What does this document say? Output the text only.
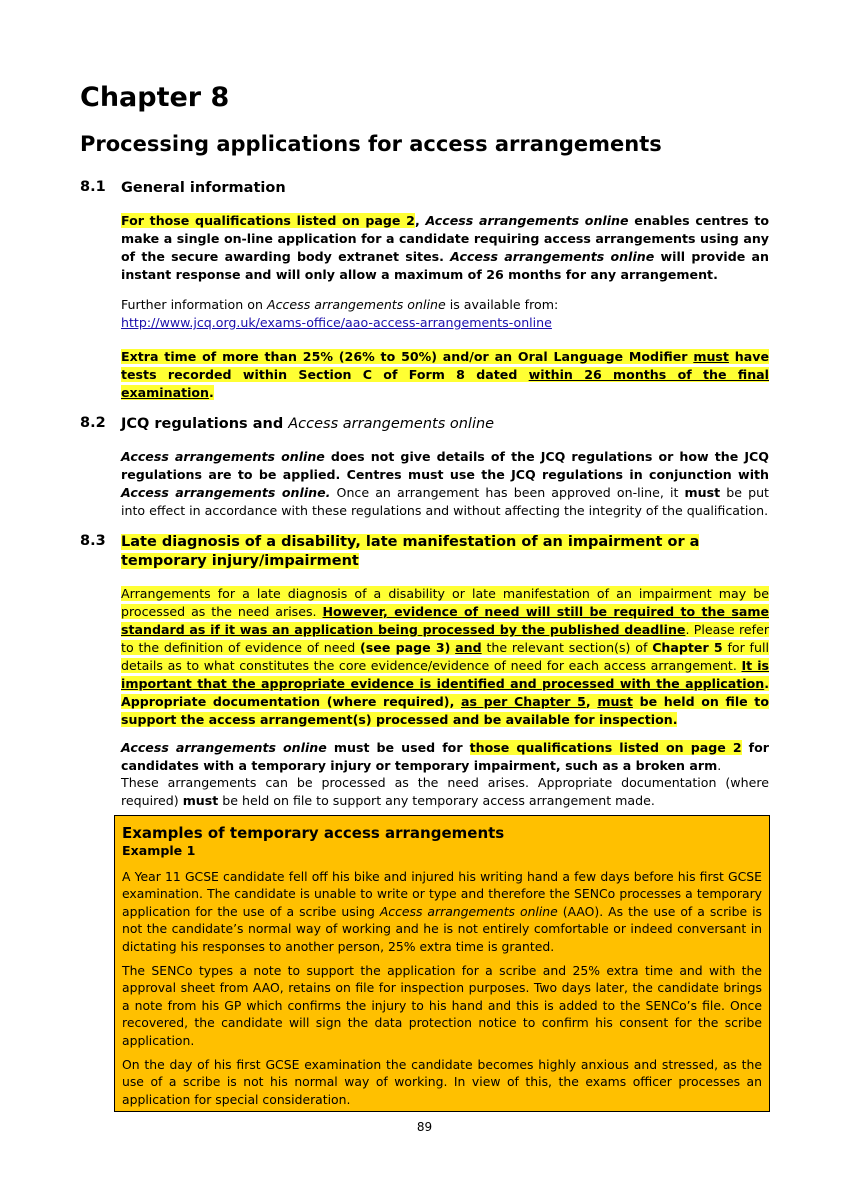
Chapter 8
Processing applications for access arrangements
8.1 General information

For those qualifications listed on page 2, Access arrangements online enables centres to make a single on-line application for a candidate requiring access arrangements using any of the secure awarding body extranet sites. Access arrangements online will provide an instant response and will only allow a maximum of 26 months for any arrangement.

Further information on Access arrangements online is available from:
http://www.jcq.org.uk/exams-office/aao-access-arrangements-online

Extra time of more than 25% (26% to 50%) and/or an Oral Language Modifier must have tests recorded within Section C of Form 8 dated within 26 months of the final examination.

8.2 JCQ regulations and Access arrangements online

Access arrangements online does not give details of the JCQ regulations or how the JCQ regulations are to be applied. Centres must use the JCQ regulations in conjunction with Access arrangements online. Once an arrangement has been approved on-line, it must be put into effect in accordance with these regulations and without affecting the integrity of the qualification.

8.3 Late diagnosis of a disability, late manifestation of an impairment or a temporary injury/impairment

Arrangements for a late diagnosis of a disability or late manifestation of an impairment may be processed as the need arises. However, evidence of need will still be required to the same standard as if it was an application being processed by the published deadline. Please refer to the definition of evidence of need (see page 3) and the relevant section(s) of Chapter 5 for full details as to what constitutes the core evidence/evidence of need for each access arrangement. It is important that the appropriate evidence is identified and processed with the application. Appropriate documentation (where required), as per Chapter 5, must be held on file to support the access arrangement(s) processed and be available for inspection.

Access arrangements online must be used for those qualifications listed on page 2 for candidates with a temporary injury or temporary impairment, such as a broken arm.

These arrangements can be processed as the need arises. Appropriate documentation (where required) must be held on file to support any temporary access arrangement made.

Examples of temporary access arrangements
Example 1

A Year 11 GCSE candidate fell off his bike and injured his writing hand a few days before his first GCSE examination. The candidate is unable to write or type and therefore the SENCo processes a temporary application for the use of a scribe using Access arrangements online (AAO). As the use of a scribe is not the candidate’s normal way of working and he is not entirely comfortable or indeed conversant in dictating his responses to another person, 25% extra time is granted.

The SENCo types a note to support the application for a scribe and 25% extra time and with the approval sheet from AAO, retains on file for inspection purposes. Two days later, the candidate brings a note from his GP which confirms the injury to his hand and this is added to the SENCo’s file. Once recovered, the candidate will sign the data protection notice to confirm his consent for the scribe application.

On the day of his first GCSE examination the candidate becomes highly anxious and stressed, as the use of a scribe is not his normal way of working. In view of this, the exams officer processes an application for special consideration.

89
